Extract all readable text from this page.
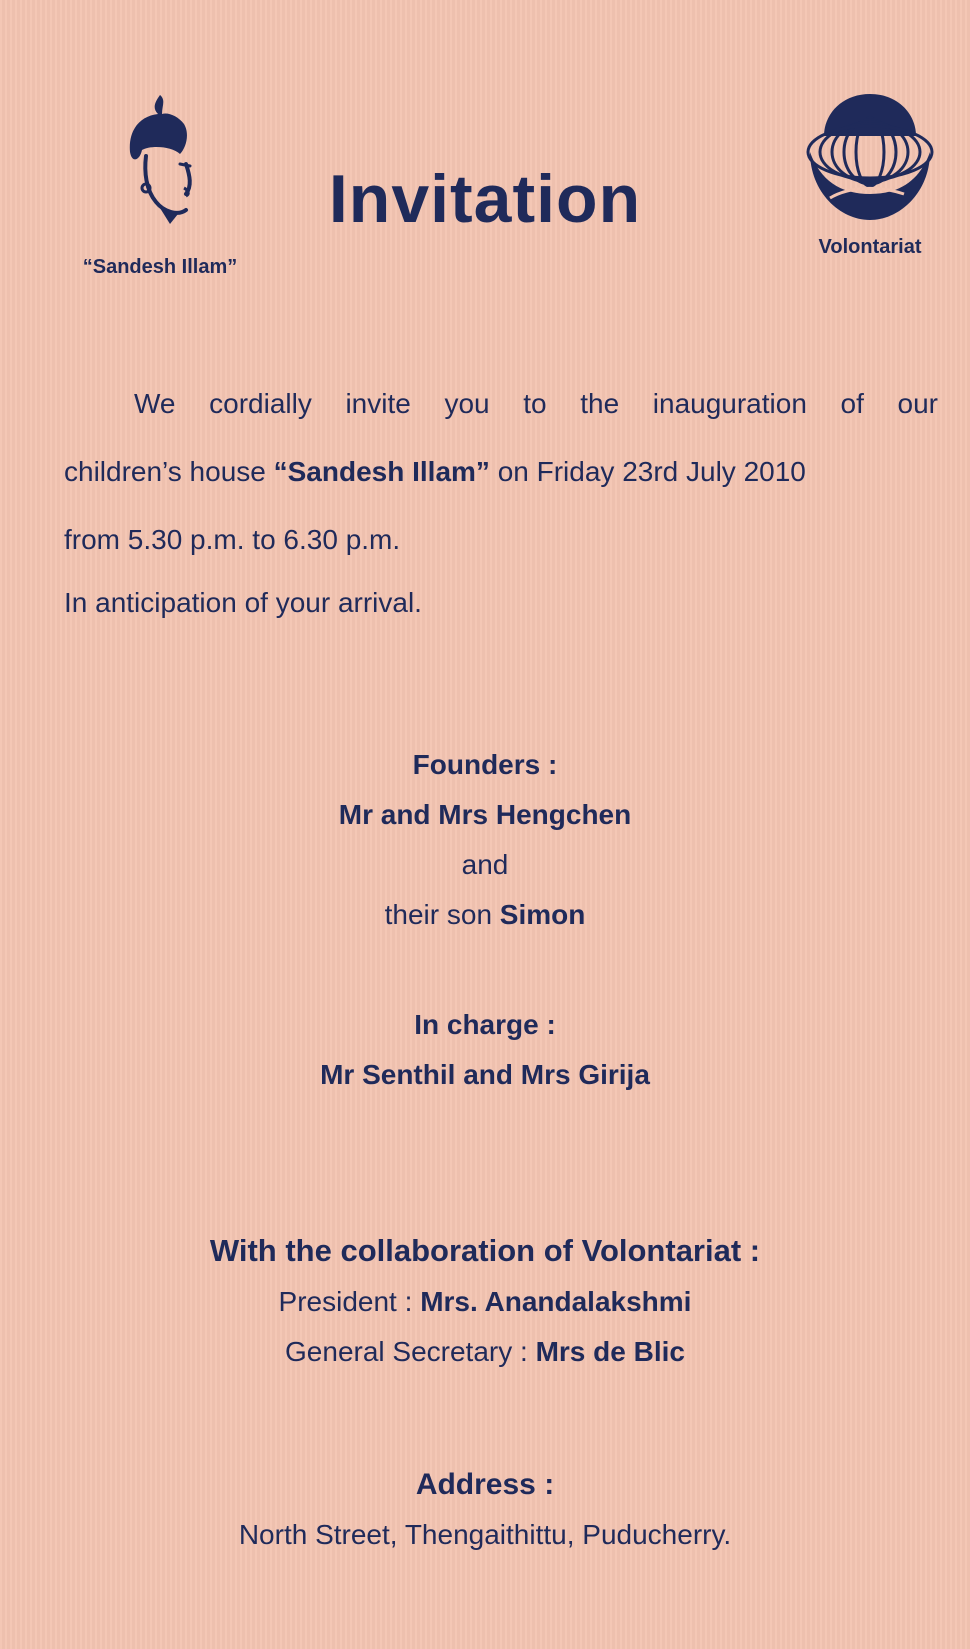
“Sandesh Illam”
Invitation
Volontariat
We cordially invite you to the inauguration of our
children’s house “Sandesh Illam” on Friday 23rd July 2010
from 5.30 p.m. to 6.30 p.m.
In anticipation of your arrival.
Founders :
Mr and Mrs Hengchen
and
their son Simon
In charge :
Mr Senthil and Mrs Girija
With the collaboration of Volontariat :
President : Mrs. Anandalakshmi
General Secretary : Mrs de Blic
Address :
North Street, Thengaithittu, Puducherry.
